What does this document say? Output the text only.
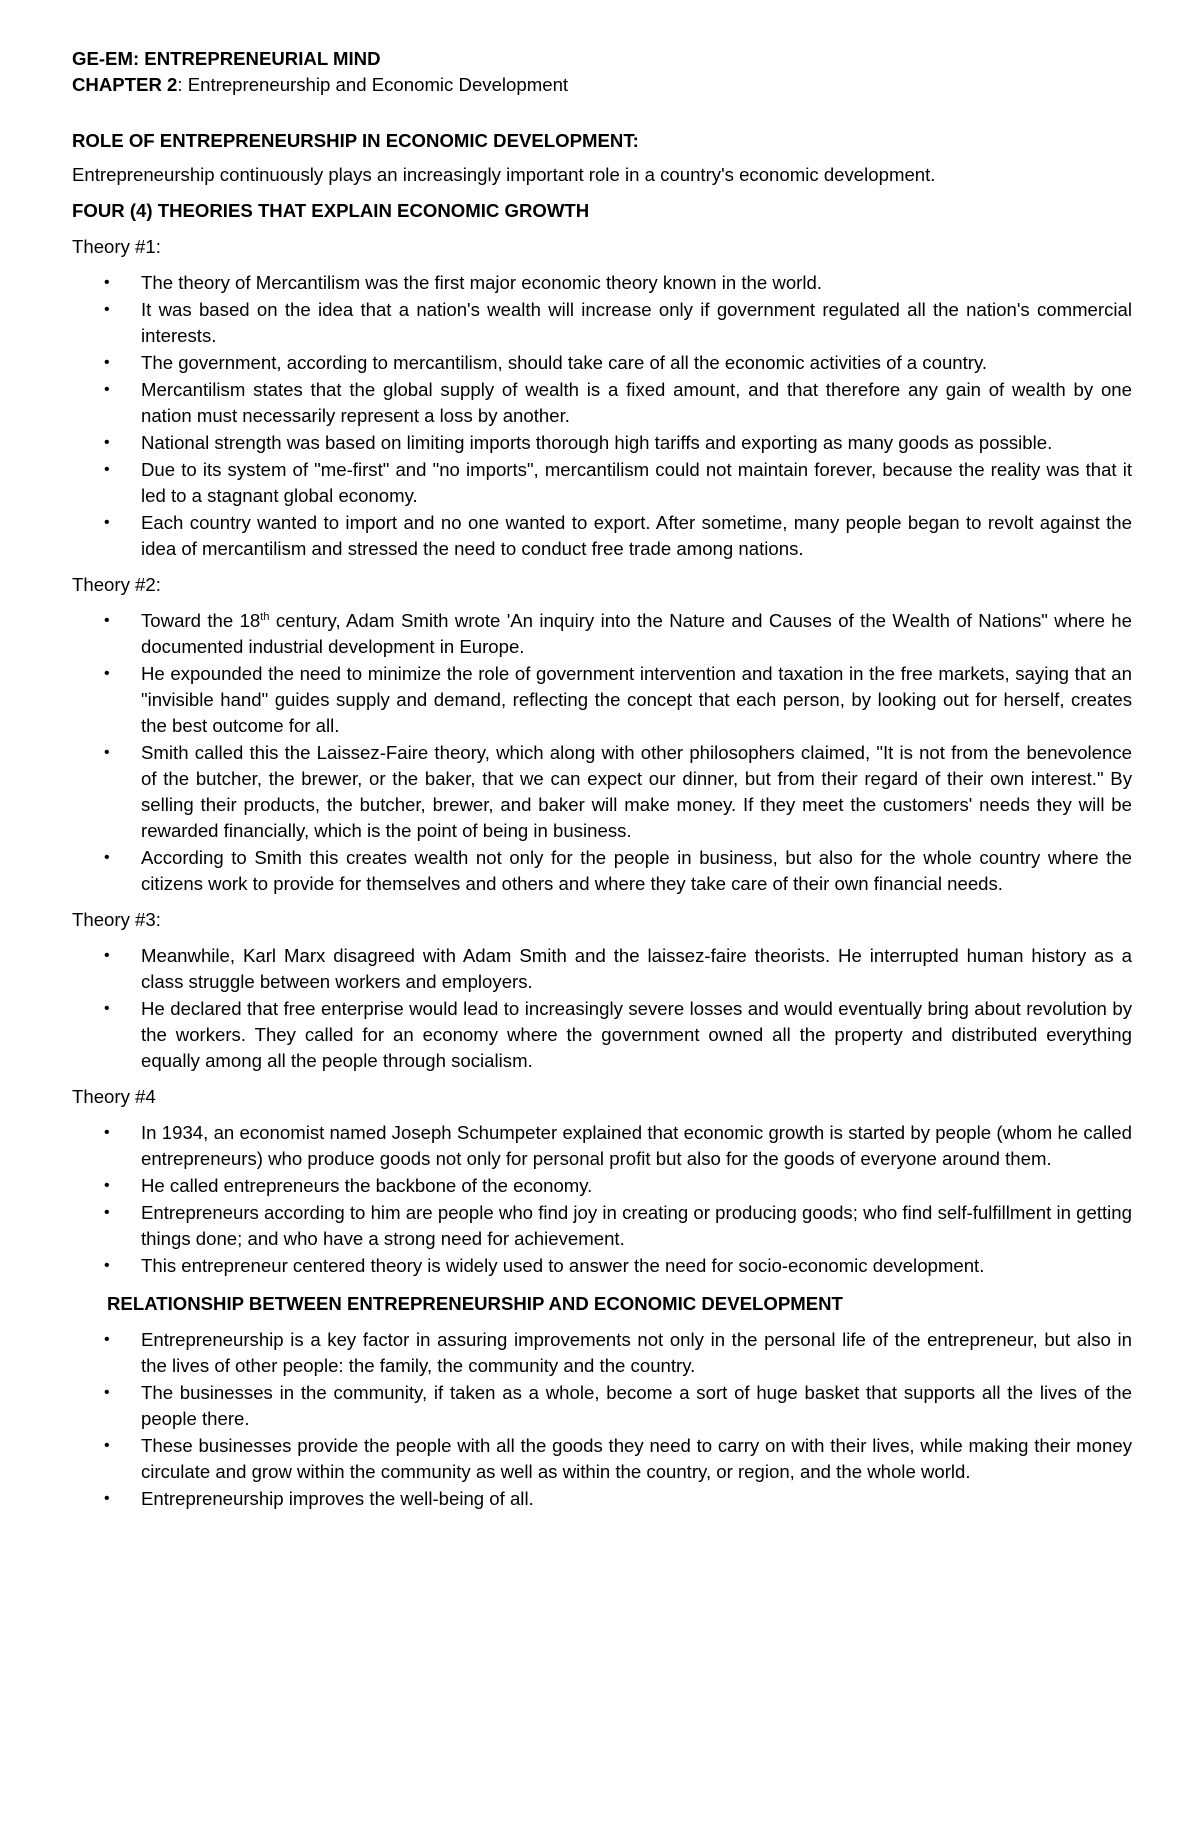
GE-EM: ENTREPRENEURIAL MIND

CHAPTER 2: Entrepreneurship and Economic Development

ROLE OF ENTREPRENEURSHIP IN ECONOMIC DEVELOPMENT:

Entrepreneurship continuously plays an increasingly important role in a country's economic development.

FOUR (4) THEORIES THAT EXPLAIN ECONOMIC GROWTH

Theory #1:

• The theory of Mercantilism was the first major economic theory known in the world.
• It was based on the idea that a nation's wealth will increase only if government regulated all the nation's commercial interests.
• The government, according to mercantilism, should take care of all the economic activities of a country.
• Mercantilism states that the global supply of wealth is a fixed amount, and that therefore any gain of wealth by one nation must necessarily represent a loss by another.
• National strength was based on limiting imports thorough high tariffs and exporting as many goods as possible.
• Due to its system of "me-first" and "no imports", mercantilism could not maintain forever, because the reality was that it led to a stagnant global economy.
• Each country wanted to import and no one wanted to export. After sometime, many people began to revolt against the idea of mercantilism and stressed the need to conduct free trade among nations.

Theory #2:

• Toward the 18th century, Adam Smith wrote 'An inquiry into the Nature and Causes of the Wealth of Nations" where he documented industrial development in Europe.
• He expounded the need to minimize the role of government intervention and taxation in the free markets, saying that an "invisible hand" guides supply and demand, reflecting the concept that each person, by looking out for herself, creates the best outcome for all.
• Smith called this the Laissez-Faire theory, which along with other philosophers claimed, "It is not from the benevolence of the butcher, the brewer, or the baker, that we can expect our dinner, but from their regard of their own interest." By selling their products, the butcher, brewer, and baker will make money. If they meet the customers' needs they will be rewarded financially, which is the point of being in business.
• According to Smith this creates wealth not only for the people in business, but also for the whole country where the citizens work to provide for themselves and others and where they take care of their own financial needs.

Theory #3:

• Meanwhile, Karl Marx disagreed with Adam Smith and the laissez-faire theorists. He interrupted human history as a class struggle between workers and employers.
• He declared that free enterprise would lead to increasingly severe losses and would eventually bring about revolution by the workers. They called for an economy where the government owned all the property and distributed everything equally among all the people through socialism.

Theory #4

• In 1934, an economist named Joseph Schumpeter explained that economic growth is started by people (whom he called entrepreneurs) who produce goods not only for personal profit but also for the goods of everyone around them.
• He called entrepreneurs the backbone of the economy.
• Entrepreneurs according to him are people who find joy in creating or producing goods; who find self-fulfillment in getting things done; and who have a strong need for achievement.
• This entrepreneur centered theory is widely used to answer the need for socio-economic development.

RELATIONSHIP BETWEEN ENTREPRENEURSHIP AND ECONOMIC DEVELOPMENT

• Entrepreneurship is a key factor in assuring improvements not only in the personal life of the entrepreneur, but also in the lives of other people: the family, the community and the country.
• The businesses in the community, if taken as a whole, become a sort of huge basket that supports all the lives of the people there.
• These businesses provide the people with all the goods they need to carry on with their lives, while making their money circulate and grow within the community as well as within the country, or region, and the whole world.
• Entrepreneurship improves the well-being of all.
